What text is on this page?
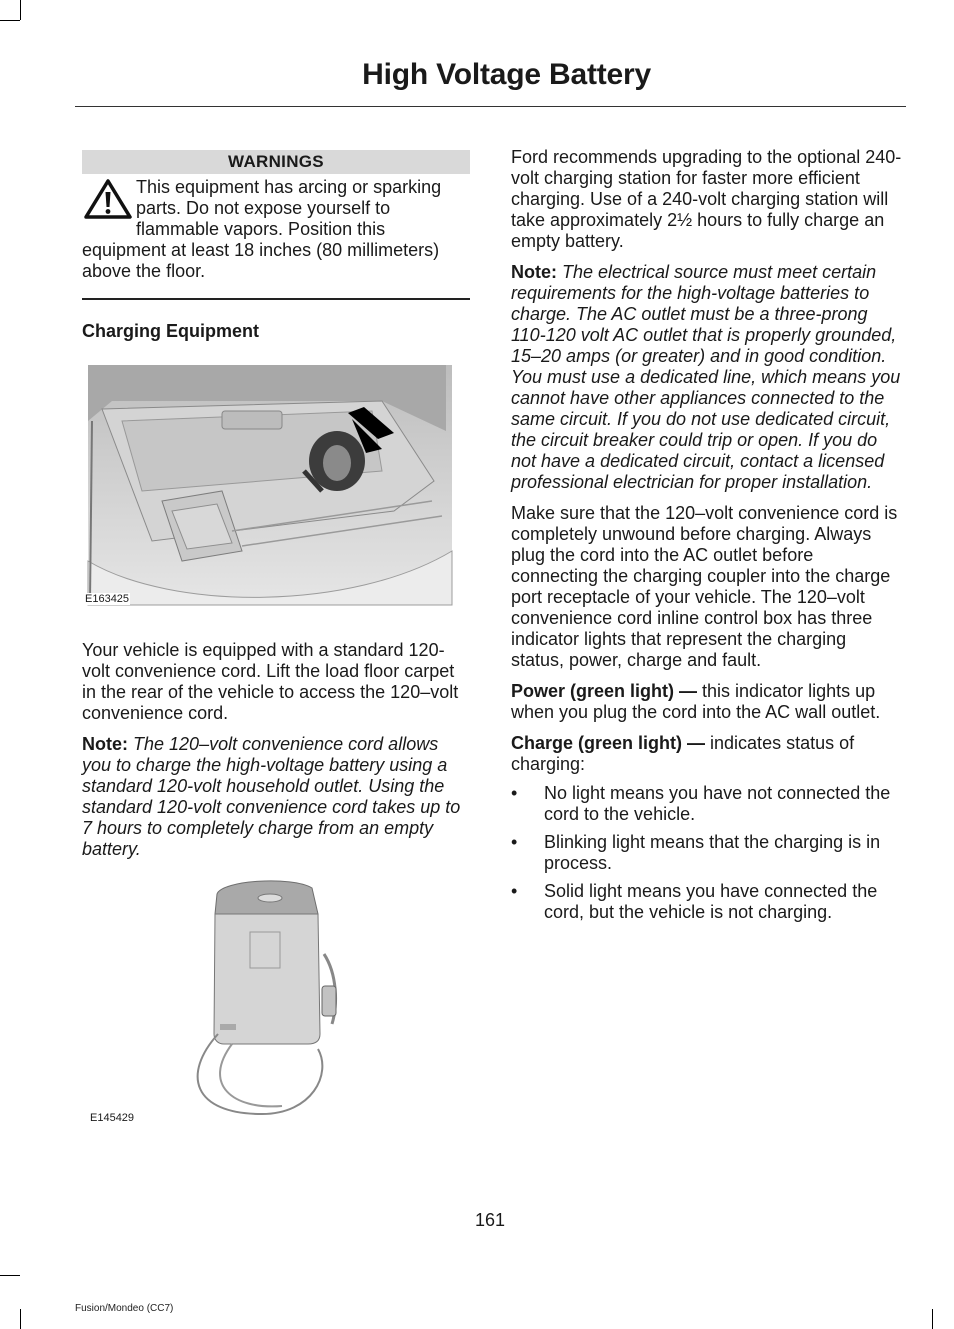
High Voltage Battery
WARNINGS
This equipment has arcing or sparking parts. Do not expose yourself to flammable vapors. Position this equipment at least 18 inches (80 millimeters) above the floor.
Charging Equipment
E163425

Your vehicle is equipped with a standard 120-volt convenience cord. Lift the load floor carpet in the rear of the vehicle to access the 120–volt convenience cord.

Note: The 120–volt convenience cord allows you to charge the high-voltage battery using a standard 120-volt household outlet. Using the standard 120-volt convenience cord takes up to 7 hours to completely charge from an empty battery.

E145429

Ford recommends upgrading to the optional 240-volt charging station for faster more efficient charging. Use of a 240-volt charging station will take approximately 2½ hours to fully charge an empty battery.

Note: The electrical source must meet certain requirements for the high-voltage batteries to charge. The AC outlet must be a three-prong 110-120 volt AC outlet that is properly grounded, 15–20 amps (or greater) and in good condition. You must use a dedicated line, which means you cannot have other appliances connected to the same circuit. If you do not use dedicated circuit, the circuit breaker could trip or open. If you do not have a dedicated circuit, contact a licensed professional electrician for proper installation.

Make sure that the 120–volt convenience cord is completely unwound before charging. Always plug the cord into the AC outlet before connecting the charging coupler into the charge port receptacle of your vehicle. The 120–volt convenience cord inline control box has three indicator lights that represent the charging status, power, charge and fault.

Power (green light) — this indicator lights up when you plug the cord into the AC wall outlet.

Charge (green light) — indicates status of charging:

• No light means you have not connected the cord to the vehicle.
• Blinking light means that the charging is in process.
• Solid light means you have connected the cord, but the vehicle is not charging.
161
Fusion/Mondeo (CC7)
